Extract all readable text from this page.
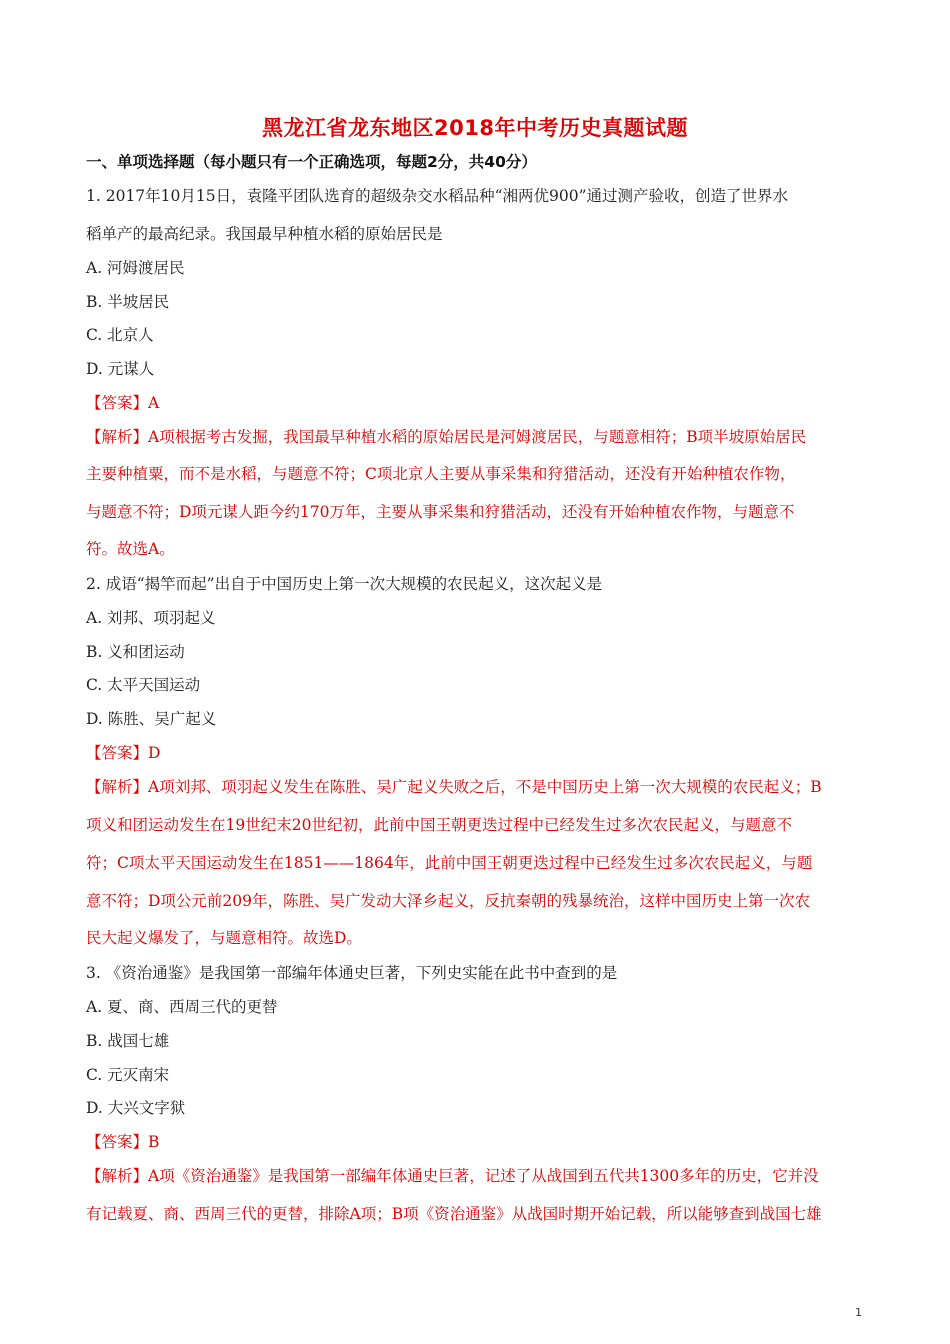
黑龙江省龙东地区2018年中考历史真题试题
一、单项选择题（每小题只有一个正确选项，每题2分，共40分）
1. 2017年10月15日，袁隆平团队选育的超级杂交水稻品种“湘两优900”通过测产验收，创造了世界水
稻单产的最高纪录。我国最早种植水稻的原始居民是
A. 河姆渡居民
B. 半坡居民
C. 北京人
D. 元谋人
【答案】A
【解析】A项根据考古发掘，我国最早种植水稻的原始居民是河姆渡居民，与题意相符；B项半坡原始居民
主要种植粟，而不是水稻，与题意不符；C项北京人主要从事采集和狩猎活动，还没有开始种植农作物，
与题意不符；D项元谋人距今约170万年，主要从事采集和狩猎活动，还没有开始种植农作物，与题意不
符。故选A。
2. 成语“揭竿而起”出自于中国历史上第一次大规模的农民起义，这次起义是
A. 刘邦、项羽起义
B. 义和团运动
C. 太平天国运动
D. 陈胜、吴广起义
【答案】D
【解析】A项刘邦、项羽起义发生在陈胜、吴广起义失败之后，不是中国历史上第一次大规模的农民起义；B
项义和团运动发生在19世纪末20世纪初，此前中国王朝更迭过程中已经发生过多次农民起义，与题意不
符；C项太平天国运动发生在1851——1864年，此前中国王朝更迭过程中已经发生过多次农民起义，与题
意不符；D项公元前209年，陈胜、吴广发动大泽乡起义，反抗秦朝的残暴统治，这样中国历史上第一次农
民大起义爆发了，与题意相符。故选D。
3. 《资治通鉴》是我国第一部编年体通史巨著，下列史实能在此书中查到的是
A. 夏、商、西周三代的更替
B. 战国七雄
C. 元灭南宋
D. 大兴文字狱
【答案】B
【解析】A项《资治通鉴》是我国第一部编年体通史巨著，记述了从战国到五代共1300多年的历史，它并没
有记载夏、商、西周三代的更替，排除A项；B项《资治通鉴》从战国时期开始记载，所以能够查到战国七雄
1
